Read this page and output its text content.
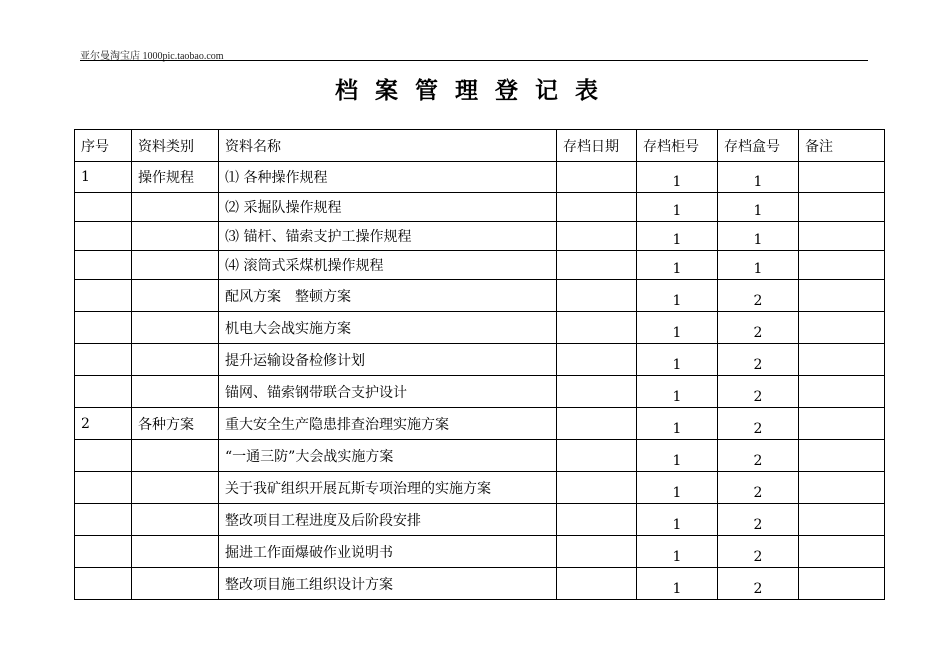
亚尔曼淘宝店 1000pic.taobao.com
档案管理登记表
序号	资料类别	资料名称	存档日期	存档柜号	存档盒号	备注
1	操作规程	⑴ 各种操作规程		1	1	
		⑵ 采掘队操作规程		1	1	
		⑶ 锚杆、锚索支护工操作规程		1	1	
		⑷ 滚筒式采煤机操作规程		1	1	
		配风方案　整顿方案		1	2	
		机电大会战实施方案		1	2	
		提升运输设备检修计划		1	2	
		锚网、锚索钢带联合支护设计		1	2	
2	各种方案	重大安全生产隐患排查治理实施方案		1	2	
		“一通三防”大会战实施方案		1	2	
		关于我矿组织开展瓦斯专项治理的实施方案		1	2	
		整改项目工程进度及后阶段安排		1	2	
		掘进工作面爆破作业说明书		1	2	
		整改项目施工组织设计方案		1	2	
